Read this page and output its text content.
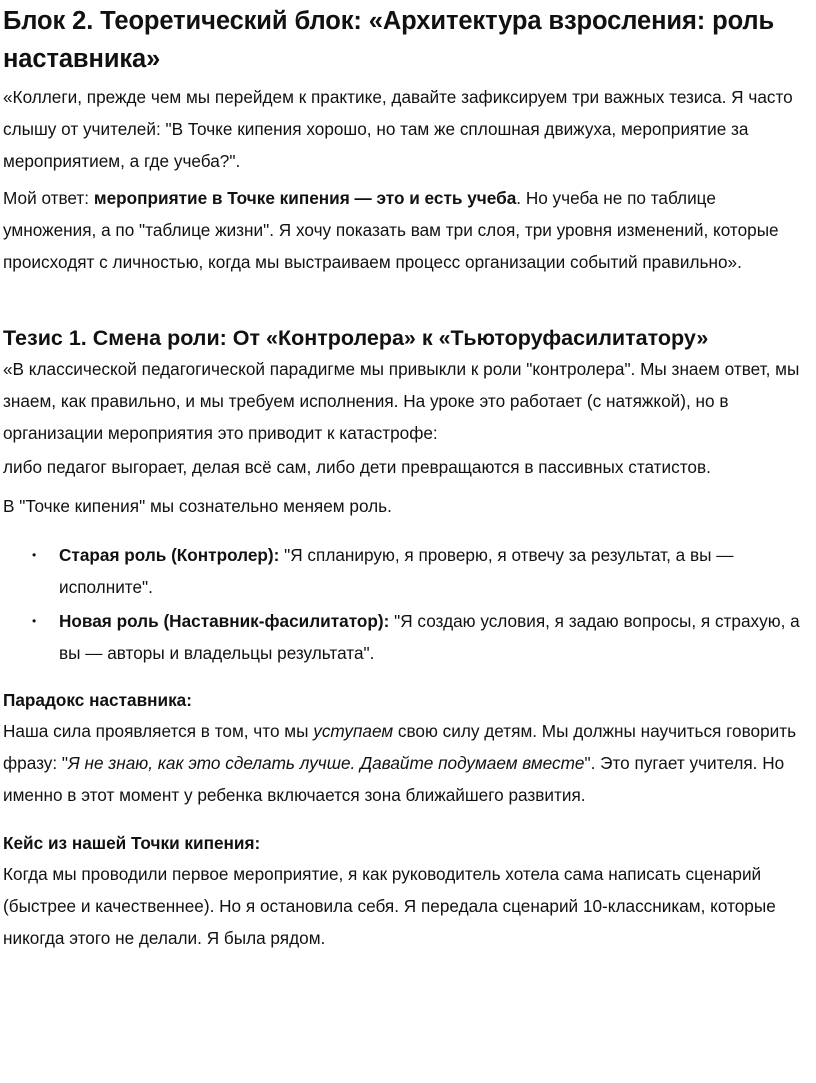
Блок 2. Теоретический блок: «Архитектура взросления: роль наставника»

«Коллеги, прежде чем мы перейдем к практике, давайте зафиксируем три важных тезиса. Я часто слышу от учителей: "В Точке кипения хорошо, но там же сплошная движуха, мероприятие за мероприятием, а где учеба?".

Мой ответ: мероприятие в Точке кипения — это и есть учеба. Но учеба не по таблице умножения, а по "таблице жизни". Я хочу показать вам три слоя, три уровня изменений, которые происходят с личностью, когда мы выстраиваем процесс организации событий правильно».

Тезис 1. Смена роли: От «Контролера» к «Тьюторуфасилитатору»

«В классической педагогической парадигме мы привыкли к роли "контролера". Мы знаем ответ, мы знаем, как правильно, и мы требуем исполнения. На уроке это работает (с натяжкой), но в организации мероприятия это приводит к катастрофе:

либо педагог выгорает, делая всё сам, либо дети превращаются в пассивных статистов.

В "Точке кипения" мы сознательно меняем роль.

• Старая роль (Контролер): "Я спланирую, я проверю, я отвечу за результат, а вы — исполните".
• Новая роль (Наставник-фасилитатор): "Я создаю условия, я задаю вопросы, я страхую, а вы — авторы и владельцы результата".
Парадокс наставника:

Наша сила проявляется в том, что мы уступаем свою силу детям. Мы должны научиться говорить фразу: "Я не знаю, как это сделать лучше. Давайте подумаем вместе". Это пугает учителя. Но именно в этот момент у ребенка включается зона ближайшего развития.

Кейс из нашей Точки кипения:

Когда мы проводили первое мероприятие, я как руководитель хотела сама написать сценарий (быстрее и качественнее). Но я остановила себя. Я передала сценарий 10-классникам, которые никогда этого не делали. Я была рядом.
